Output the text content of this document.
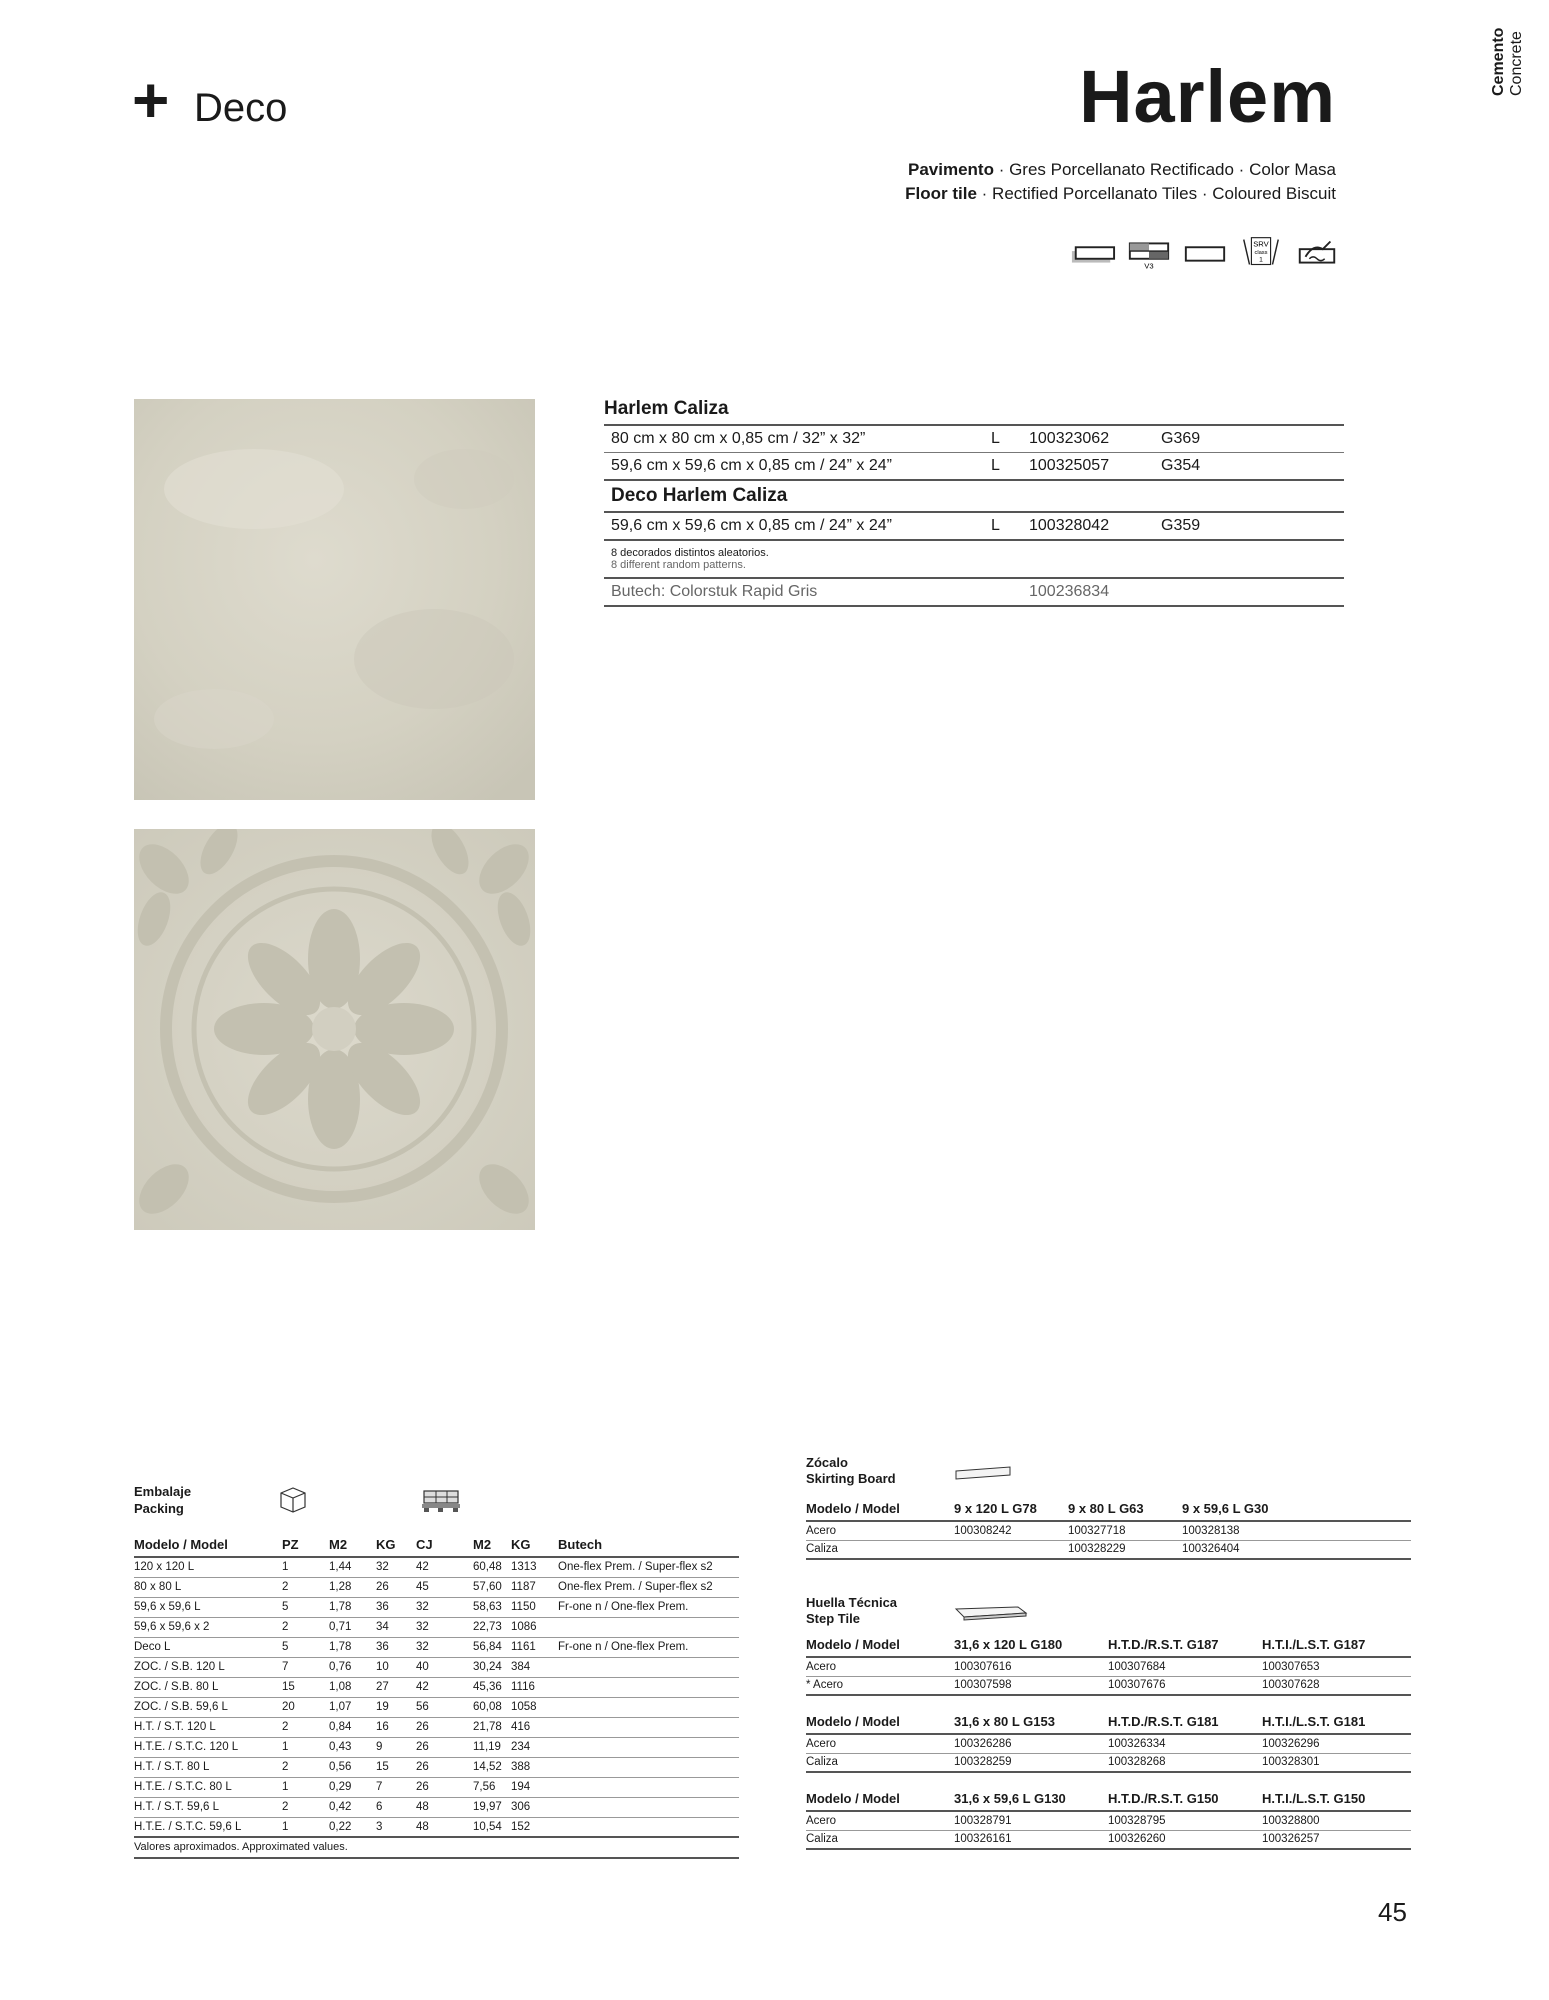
+ Deco	Harlem	Cemento Concrete
Pavimento · Gres Porcellanato Rectificado · Color Masa
Floor tile · Rectified Porcellanato Tiles · Coloured Biscuit
V3
SRV
class
1
Harlem Caliza
80 cm x 80 cm x 0,85 cm / 32” x 32”	L	100323062	G369
59,6 cm x 59,6 cm x 0,85 cm / 24” x 24”	L	100325057	G354
Deco Harlem Caliza
59,6 cm x 59,6 cm x 0,85 cm / 24” x 24”	L	100328042	G359
8 decorados distintos aleatorios.
8 different random patterns.
Butech: Colorstuk Rapid Gris	100236834
Embalaje
Packing
Modelo / Model	PZ	M2	KG	CJ	M2	KG	Butech
120 x 120 L	1	1,44	32	42	60,48	1313	One-flex Prem. / Super-flex s2
80 x 80 L	2	1,28	26	45	57,60	1187	One-flex Prem. / Super-flex s2
59,6 x 59,6 L	5	1,78	36	32	58,63	1150	Fr-one n / One-flex Prem.
59,6 x 59,6 x 2	2	0,71	34	32	22,73	1086	
Deco L	5	1,78	36	32	56,84	1161	Fr-one n / One-flex Prem.
ZOC. / S.B. 120 L	7	0,76	10	40	30,24	384	
ZOC. / S.B. 80 L	15	1,08	27	42	45,36	1116	
ZOC. / S.B. 59,6 L	20	1,07	19	56	60,08	1058	
H.T. / S.T. 120 L	2	0,84	16	26	21,78	416	
H.T.E. / S.T.C. 120 L	1	0,43	9	26	11,19	234	
H.T. / S.T. 80 L	2	0,56	15	26	14,52	388	
H.T.E. / S.T.C. 80 L	1	0,29	7	26	7,56	194	
H.T. / S.T. 59,6 L	2	0,42	6	48	19,97	306	
H.T.E. / S.T.C. 59,6 L	1	0,22	3	48	10,54	152	
Valores aproximados. Approximated values.
Zócalo
Skirting Board
Modelo / Model	9 x 120 L G78	9 x 80 L G63	9 x 59,6 L G30
Acero	100308242	100327718	100328138
Caliza		100328229	100326404
Huella Técnica
Step Tile
Modelo / Model	31,6 x 120 L G180	H.T.D./R.S.T. G187	H.T.I./L.S.T. G187
Acero	100307616	100307684	100307653
* Acero	100307598	100307676	100307628
Modelo / Model	31,6 x 80 L G153	H.T.D./R.S.T. G181	H.T.I./L.S.T. G181
Acero	100326286	100326334	100326296
Caliza	100328259	100328268	100328301
Modelo / Model	31,6 x 59,6 L G130	H.T.D./R.S.T. G150	H.T.I./L.S.T. G150
Acero	100328791	100328795	100328800
Caliza	100326161	100326260	100326257
45
